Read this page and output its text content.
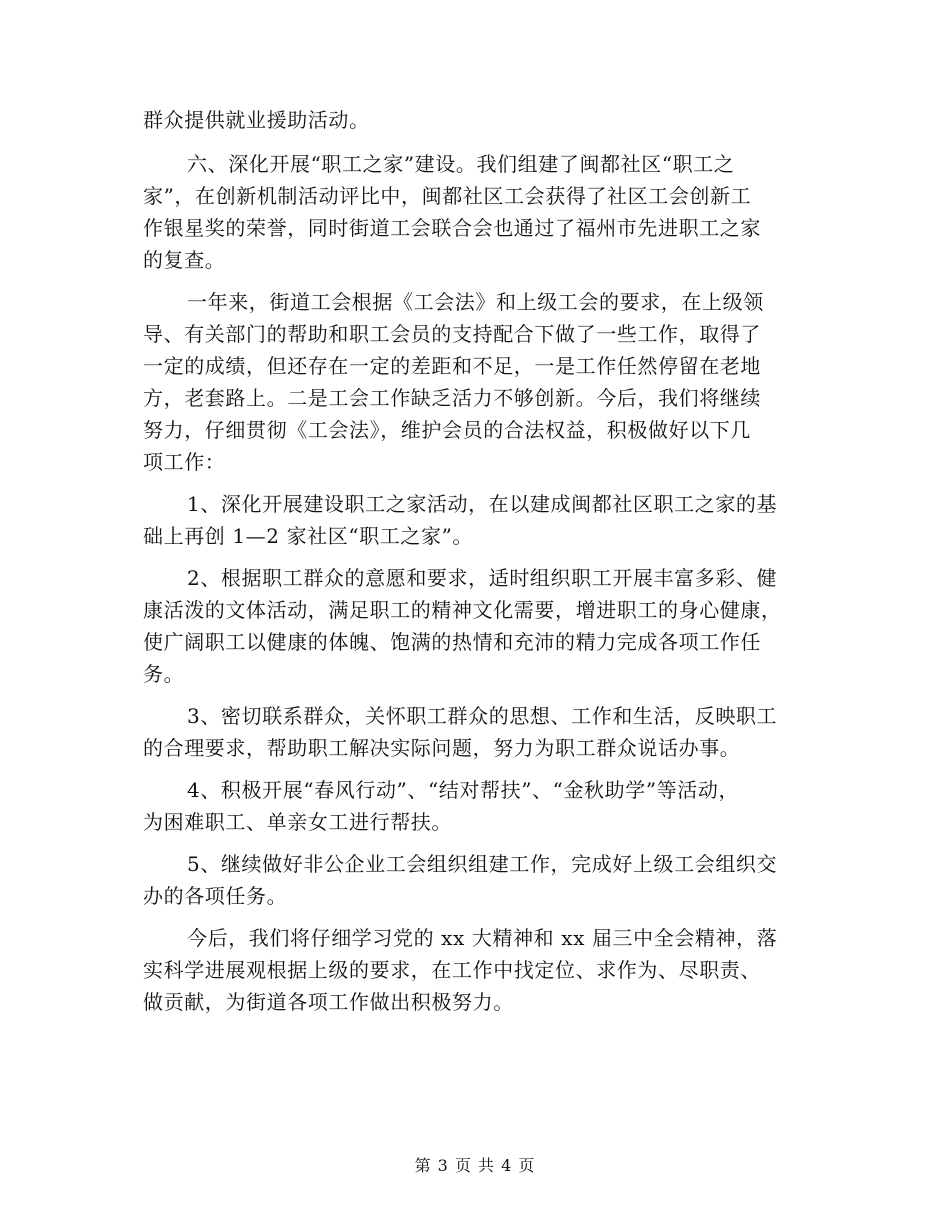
群众提供就业援助活动。
六、深化开展“职工之家”建设。我们组建了闽都社区“职工之
家”，在创新机制活动评比中，闽都社区工会获得了社区工会创新工
作银星奖的荣誉，同时街道工会联合会也通过了福州市先进职工之家
的复查。
一年来，街道工会根据《工会法》和上级工会的要求，在上级领
导、有关部门的帮助和职工会员的支持配合下做了一些工作，取得了
一定的成绩，但还存在一定的差距和不足，一是工作任然停留在老地
方，老套路上。二是工会工作缺乏活力不够创新。今后，我们将继续
努力，仔细贯彻《工会法》，维护会员的合法权益，积极做好以下几
项工作：
1、深化开展建设职工之家活动，在以建成闽都社区职工之家的基
础上再创 1—2 家社区“职工之家”。
2、根据职工群众的意愿和要求，适时组织职工开展丰富多彩、健
康活泼的文体活动，满足职工的精神文化需要，增进职工的身心健康，
使广阔职工以健康的体魄、饱满的热情和充沛的精力完成各项工作任
务。
3、密切联系群众，关怀职工群众的思想、工作和生活，反映职工
的合理要求，帮助职工解决实际问题，努力为职工群众说话办事。
4、积极开展“春风行动”、“结对帮扶”、“金秋助学”等活动，
为困难职工、单亲女工进行帮扶。
5、继续做好非公企业工会组织组建工作，完成好上级工会组织交
办的各项任务。
今后，我们将仔细学习党的 xx 大精神和 xx 届三中全会精神，落
实科学进展观根据上级的要求，在工作中找定位、求作为、尽职责、
做贡献，为街道各项工作做出积极努力。
第 3 页 共 4 页
